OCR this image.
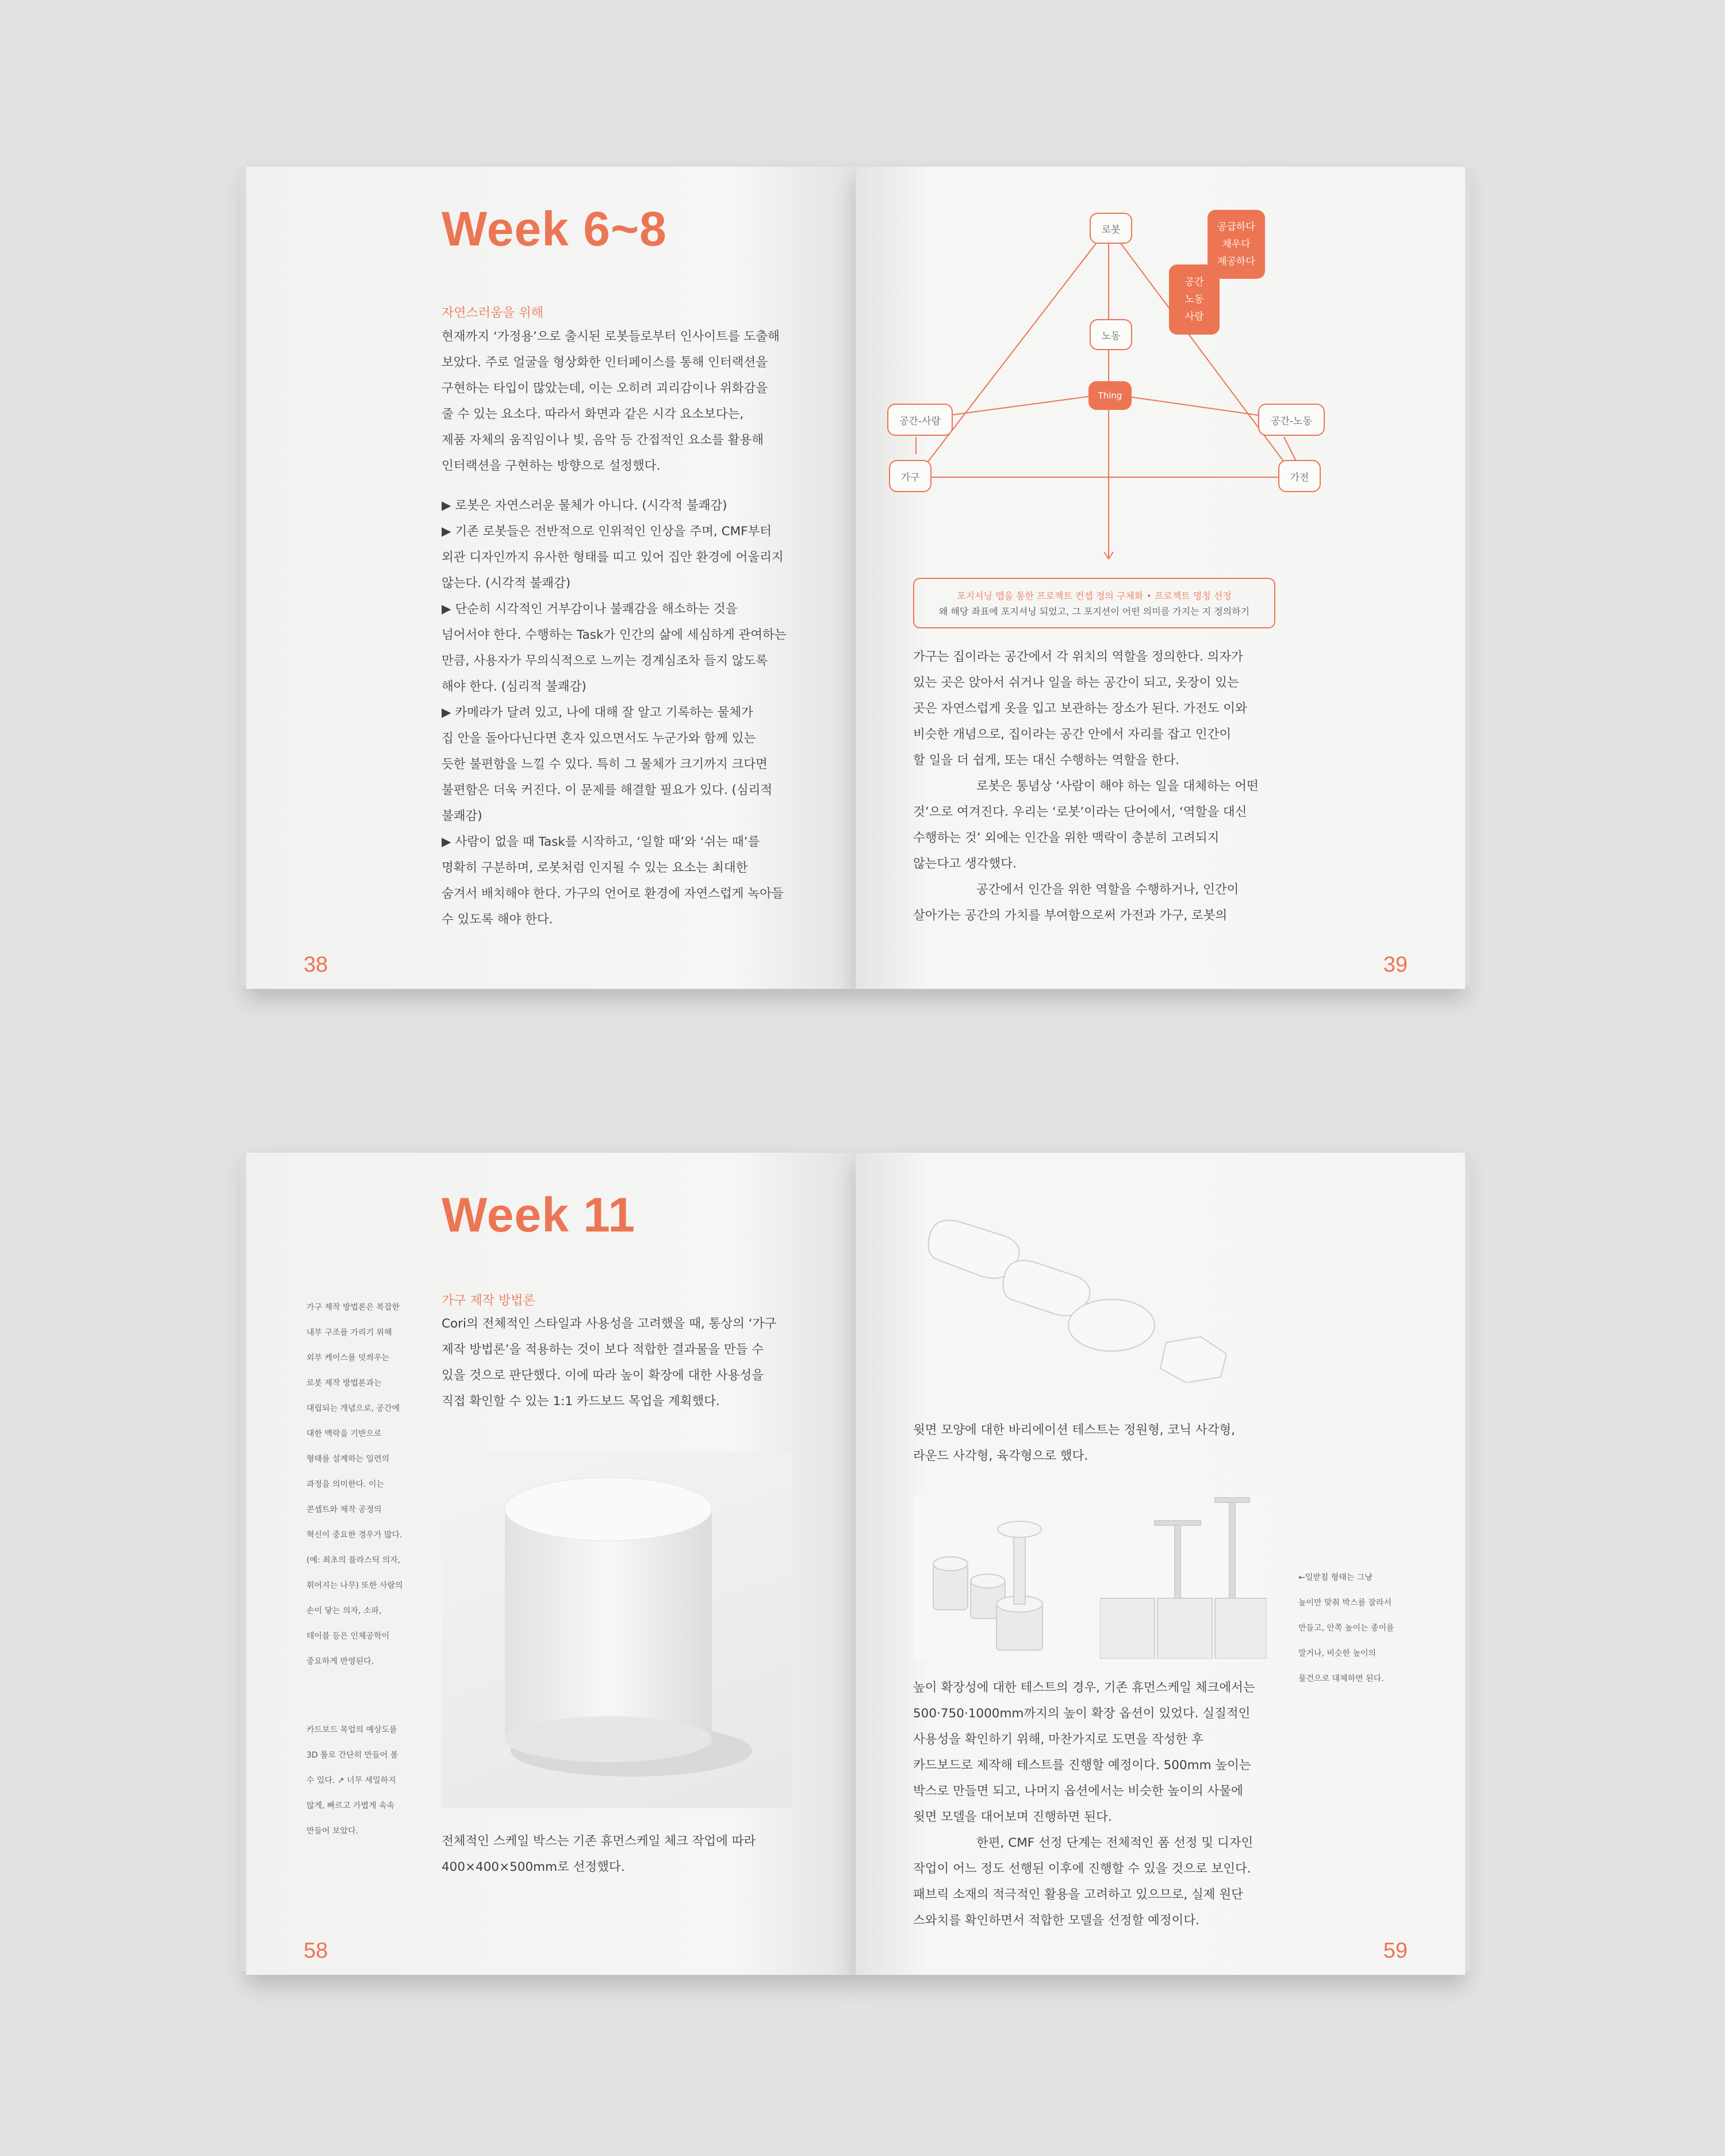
Week 6~8

자연스러움을 위해

현재까지 ‘가정용’으로 출시된 로봇들로부터 인사이트를 도출해

보았다. 주로 얼굴을 형상화한 인터페이스를 통해 인터랙션을

구현하는 타입이 많았는데, 이는 오히려 괴리감이나 위화감을

줄 수 있는 요소다. 따라서 화면과 같은 시각 요소보다는,

제품 자체의 움직임이나 빛, 음악 등 간접적인 요소를 활용해

인터랙션을 구현하는 방향으로 설정했다.

▶ 로봇은 자연스러운 물체가 아니다. (시각적 불쾌감)

▶ 기존 로봇들은 전반적으로 인위적인 인상을 주며, CMF부터

외관 디자인까지 유사한 형태를 띠고 있어 집안 환경에 어울리지

않는다. (시각적 불쾌감)

▶ 단순히 시각적인 거부감이나 불쾌감을 해소하는 것을

넘어서야 한다. 수행하는 Task가 인간의 삶에 세심하게 관여하는

만큼, 사용자가 무의식적으로 느끼는 경계심조차 들지 않도록

해야 한다. (심리적 불쾌감)

▶ 카메라가 달려 있고, 나에 대해 잘 알고 기록하는 물체가

집 안을 돌아다닌다면 혼자 있으면서도 누군가와 함께 있는

듯한 불편함을 느낄 수 있다. 특히 그 물체가 크기까지 크다면

불편함은 더욱 커진다. 이 문제를 해결할 필요가 있다. (심리적

불쾌감)

▶ 사람이 없을 때 Task를 시작하고, ‘일할 때’와 ‘쉬는 때’를

명확히 구분하며, 로봇처럼 인지될 수 있는 요소는 최대한

숨겨서 배치해야 한다. 가구의 언어로 환경에 자연스럽게 녹아들

수 있도록 해야 한다.

38
로봇
노동
Thing
공간-사람	공간-노동
가구	가전
공급하다
채우다
제공하다
공간
노동
사람

포지셔닝 맵을 통한 프로젝트 컨셉 정의 구체화 • 프로젝트 명칭 선정

왜 해당 좌표에 포지셔닝 되었고, 그 포지션이 어떤 의미를 가지는 지 정의하기

가구는 집이라는 공간에서 각 위치의 역할을 정의한다. 의자가

있는 곳은 앉아서 쉬거나 일을 하는 공간이 되고, 옷장이 있는

곳은 자연스럽게 옷을 입고 보관하는 장소가 된다. 가전도 이와

비슷한 개념으로, 집이라는 공간 안에서 자리를 잡고 인간이

할 일을 더 쉽게, 또는 대신 수행하는 역할을 한다.

로봇은 통념상 ‘사람이 해야 하는 일을 대체하는 어떤

것’으로 여겨진다. 우리는 ‘로봇’이라는 단어에서, ‘역할을 대신

수행하는 것’ 외에는 인간을 위한 맥락이 충분히 고려되지

않는다고 생각했다.

공간에서 인간을 위한 역할을 수행하거나, 인간이

살아가는 공간의 가치를 부여함으로써 가전과 가구, 로봇의

39
Week 11

가구 제작 방법론은 복잡한

내부 구조를 가리기 위해

외부 케이스를 덧씌우는

로봇 제작 방법론과는

대립되는 개념으로, 공간에

대한 맥락을 기반으로

형태를 설계하는 일련의

과정을 의미한다. 이는

콘셉트와 제작 공정의

혁신이 중요한 경우가 많다.

(예: 최초의 플라스틱 의자,

휘어지는 나무) 또한 사람의

손이 닿는 의자, 소파,

테이블 등은 인체공학이

중요하게 반영된다.

가구 제작 방법론

Cori의 전체적인 스타일과 사용성을 고려했을 때, 통상의 ‘가구

제작 방법론’을 적용하는 것이 보다 적합한 결과물을 만들 수

있을 것으로 판단했다. 이에 따라 높이 확장에 대한 사용성을

직접 확인할 수 있는 1:1 카드보드 목업을 계획했다.

카드보드 목업의 예상도를

3D 툴로 간단히 만들어 볼

수 있다. ↗ 너무 세밀하지

않게, 빠르고 가볍게 속속

만들어 보았다.

전체적인 스케일 박스는 기존 휴먼스케일 체크 작업에 따라

400×400×500mm로 선정했다.

58

윗면 모양에 대한 바리에이션 테스트는 정원형, 코닉 사각형,

라운드 사각형, 육각형으로 했다.

←일받침 형태는 그냥

높이만 맞춰 박스를 잘라서

만들고, 안쪽 높이는 종이를

말거나, 비슷한 높이의

물건으로 대체하면 된다.

높이 확장성에 대한 테스트의 경우, 기존 휴먼스케일 체크에서는

500·750·1000mm까지의 높이 확장 옵션이 있었다. 실질적인

사용성을 확인하기 위해, 마찬가지로 도면을 작성한 후

카드보드로 제작해 테스트를 진행할 예정이다. 500mm 높이는

박스로 만들면 되고, 나머지 옵션에서는 비슷한 높이의 사물에

윗면 모델을 대어보며 진행하면 된다.

한편, CMF 선정 단계는 전체적인 폼 선정 및 디자인

작업이 어느 정도 선행된 이후에 진행할 수 있을 것으로 보인다.

패브릭 소재의 적극적인 활용을 고려하고 있으므로, 실제 원단

스와치를 확인하면서 적합한 모델을 선정할 예정이다.

59
